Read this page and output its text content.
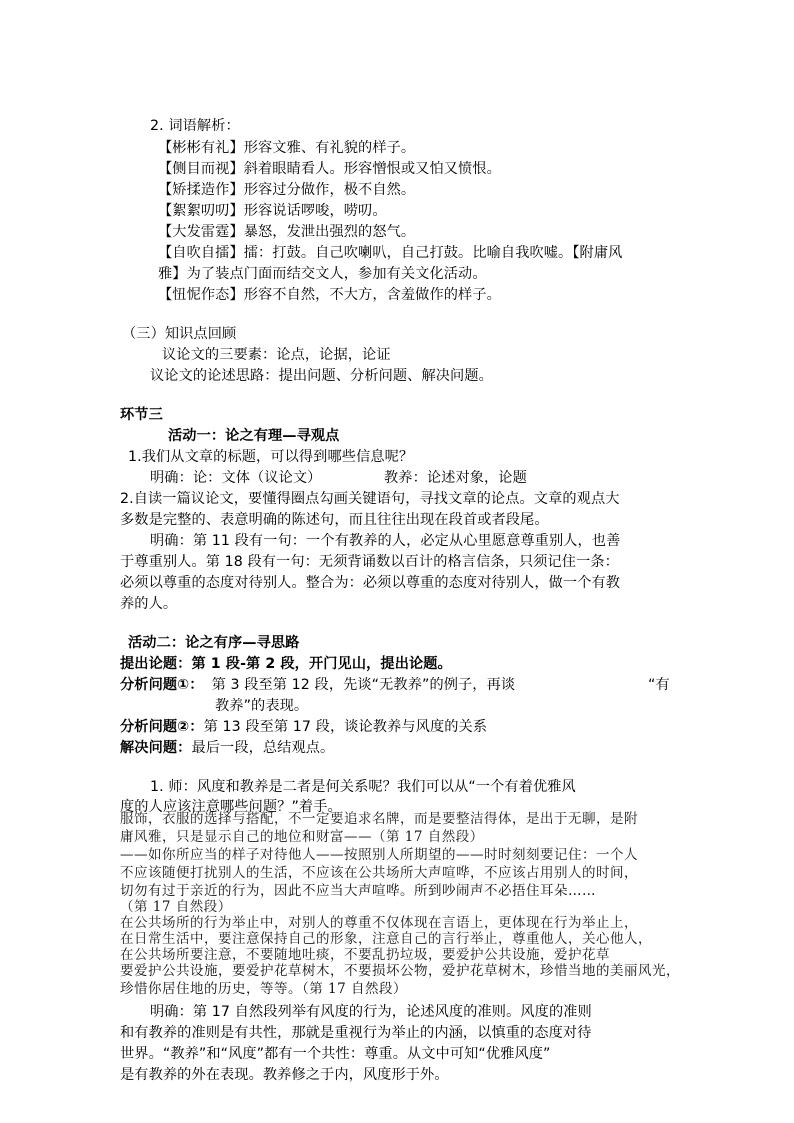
2. 词语解析：
【彬彬有礼】形容文雅、有礼貌的样子。
【侧目而视】斜着眼睛看人。形容憎恨或又怕又愤恨。
【矫揉造作】形容过分做作，极不自然。
【絮絮叨叨】形容说话啰唆，唠叨。
【大发雷霆】暴怒，发泄出强烈的怒气。
【自吹自擂】擂：打鼓。自己吹喇叭，自己打鼓。比喻自我吹嘘。【附庸风
雅】为了装点门面而结交文人，参加有关文化活动。
【忸怩作态】形容不自然，不大方，含羞做作的样子。
（三）知识点回顾
议论文的三要素：论点，论据，论证
议论文的论述思路：提出问题、分析问题、解决问题。
环节三
活动一：论之有理—寻观点
1.我们从文章的标题，可以得到哪些信息呢？
明确：论：文体（议论文）	教养：论述对象，论题
2.自读一篇议论文，要懂得圈点勾画关键语句，寻找文章的论点。文章的观点大
多数是完整的、表意明确的陈述句，而且往往出现在段首或者段尾。
明确：第 11 段有一句：一个有教养的人，必定从心里愿意尊重别人，也善
于尊重别人。第 18 段有一句：无须背诵数以百计的格言信条，只须记住一条：
必须以尊重的态度对待别人。整合为：必须以尊重的态度对待别人，做一个有教
养的人。
活动二：论之有序—寻思路
提出论题：第 1 段-第 2 段，开门见山，提出论题。
分析问题①： 第 3 段至第 12 段，先谈“无教养”的例子，再谈	“有
教养”的表现。
分析问题②：第 13 段至第 17 段，谈论教养与风度的关系
解决问题：最后一段，总结观点。
1. 师：风度和教养是二者是何关系呢？我们可以从“一个有着优雅风
度的人应该注意哪些问题？”着手。
服饰，衣服的选择与搭配，不一定要追求名牌，而是要整洁得体，是出于无聊，是附
庸风雅，只是显示自己的地位和财富——（第 17 自然段）
——如你所应当的样子对待他人——按照别人所期望的——时时刻刻要记住：一个人
不应该随便打扰别人的生活，不应该在公共场所大声喧哗，不应该占用别人的时间，
切勿有过于亲近的行为，因此不应当大声喧哗。所到吵闹声不必捂住耳朵……
（第 17 自然段）
在公共场所的行为举止中，对别人的尊重不仅体现在言语上，更体现在行为举止上，
在日常生活中，要注意保持自己的形象，注意自己的言行举止，尊重他人，关心他人，
在公共场所要注意，不要随地吐痰，不要乱扔垃圾，要爱护公共设施，爱护花草
要爱护公共设施，要爱护花草树木，不要损坏公物，爱护花草树木，珍惜当地的美丽风光，
珍惜你居住地的历史，等等。（第 17 自然段）
明确：第 17 自然段列举有风度的行为，论述风度的准则。风度的准则
和有教养的准则是有共性，那就是重视行为举止的内涵，以慎重的态度对待
世界。“教养”和“风度”都有一个共性：尊重。从文中可知“优雅风度”
是有教养的外在表现。教养修之于内，风度形于外。
